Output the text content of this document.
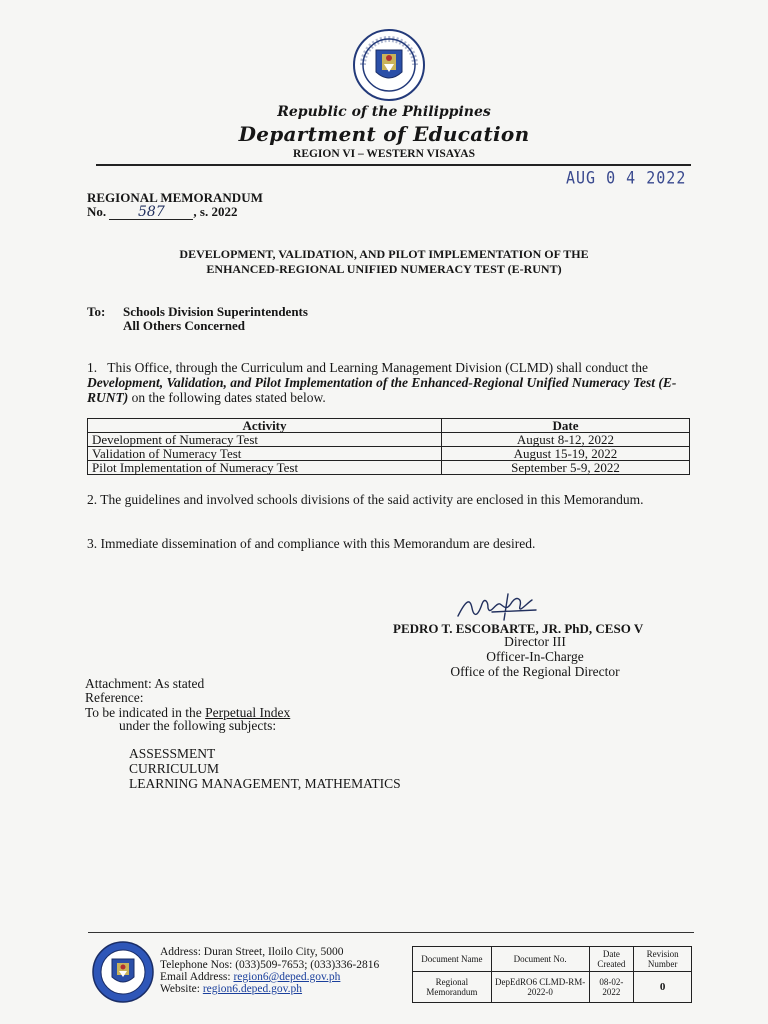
Republic of the Philippines
Department of Education
REGION VI – WESTERN VISAYAS
AUG 0 4 2022
REGIONAL MEMORANDUM
No. 587 , s. 2022
DEVELOPMENT, VALIDATION, AND PILOT IMPLEMENTATION OF THE
ENHANCED-REGIONAL UNIFIED NUMERACY TEST (E-RUNT)
To: Schools Division Superintendents
All Others Concerned
1. This Office, through the Curriculum and Learning Management Division (CLMD) shall conduct the Development, Validation, and Pilot Implementation of the Enhanced-Regional Unified Numeracy Test (E-RUNT) on the following dates stated below.
Activity	Date
Development of Numeracy Test	August 8-12, 2022
Validation of Numeracy Test	August 15-19, 2022
Pilot Implementation of Numeracy Test	September 5-9, 2022
2. The guidelines and involved schools divisions of the said activity are enclosed in this Memorandum.
3. Immediate dissemination of and compliance with this Memorandum are desired.
PEDRO T. ESCOBARTE, JR. PhD, CESO V
Director III
Officer-In-Charge
Office of the Regional Director
Attachment: As stated
Reference:
To be indicated in the Perpetual Index
under the following subjects:
ASSESSMENT
CURRICULUM
LEARNING MANAGEMENT, MATHEMATICS
Address: Duran Street, Iloilo City, 5000
Telephone Nos: (033)509-7653; (033)336-2816
Email Address: region6@deped.gov.ph
Website: region6.deped.gov.ph
Document Name	Document No.	Date Created	Revision Number
Regional Memorandum	DepEdRO6 CLMD-RM-2022-0	08-02-2022	0
